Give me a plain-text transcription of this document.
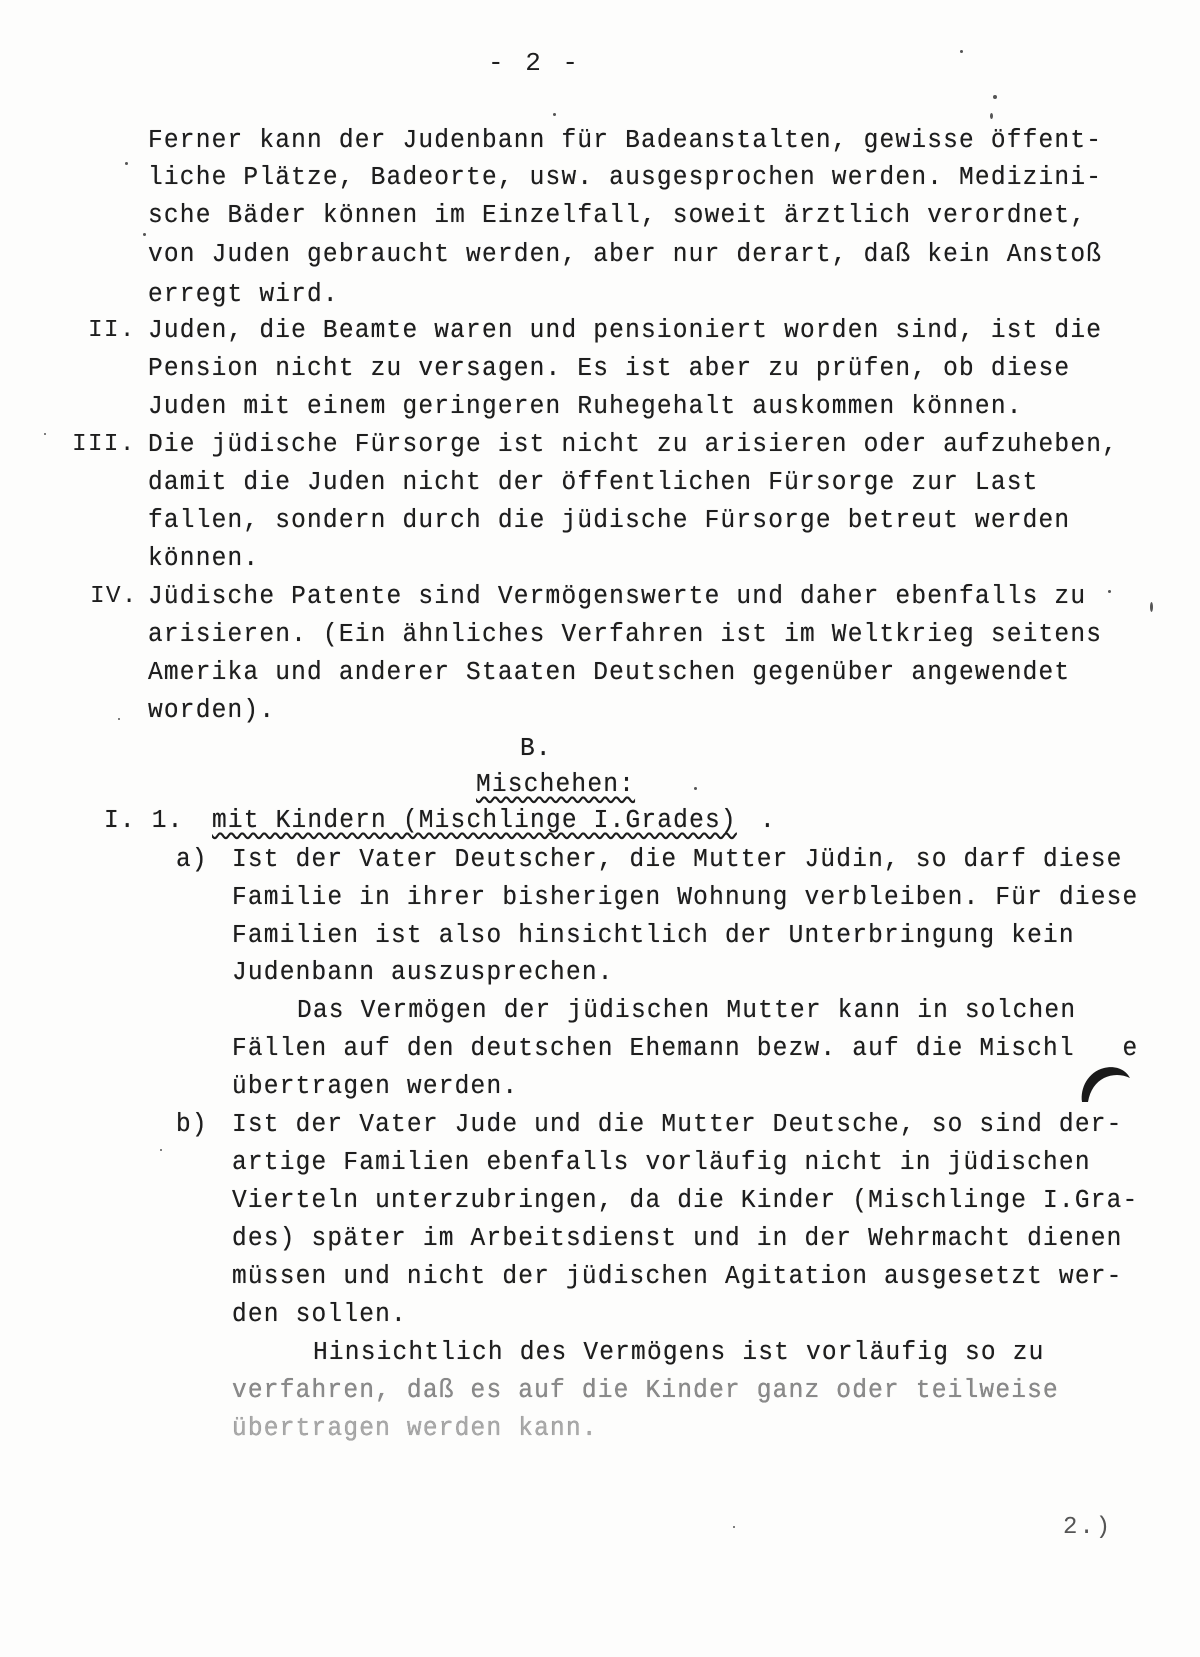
- 2 -
Ferner kann der Judenbann für Badeanstalten, gewisse öffent-
liche Plätze, Badeorte, usw. ausgesprochen werden. Medizini-
sche Bäder können im Einzelfall, soweit ärztlich verordnet,
von Juden gebraucht werden, aber nur derart, daß kein Anstoß
erregt wird.
II. Juden, die Beamte waren und pensioniert worden sind, ist die
Pension nicht zu versagen. Es ist aber zu prüfen, ob diese
Juden mit einem geringeren Ruhegehalt auskommen können.
III. Die jüdische Fürsorge ist nicht zu arisieren oder aufzuheben,
damit die Juden nicht der öffentlichen Fürsorge zur Last
fallen, sondern durch die jüdische Fürsorge betreut werden
können.
IV. Jüdische Patente sind Vermögenswerte und daher ebenfalls zu
arisieren. (Ein ähnliches Verfahren ist im Weltkrieg seitens
Amerika und anderer Staaten Deutschen gegenüber angewendet
worden).
B.
Mischehen:
I. 1. mit Kindern (Mischlinge I.Grades) .
a) Ist der Vater Deutscher, die Mutter Jüdin, so darf diese
Familie in ihrer bisherigen Wohnung verbleiben. Für diese
Familien ist also hinsichtlich der Unterbringung kein
Judenbann auszusprechen.
Das Vermögen der jüdischen Mutter kann in solchen
Fällen auf den deutschen Ehemann bezw. auf die Mischl   e
übertragen werden.
b) Ist der Vater Jude und die Mutter Deutsche, so sind der-
artige Familien ebenfalls vorläufig nicht in jüdischen
Vierteln unterzubringen, da die Kinder (Mischlinge I.Gra-
des) später im Arbeitsdienst und in der Wehrmacht dienen
müssen und nicht der jüdischen Agitation ausgesetzt wer-
den sollen.
Hinsichtlich des Vermögens ist vorläufig so zu
verfahren, daß es auf die Kinder ganz oder teilweise
übertragen werden kann.
2.)
